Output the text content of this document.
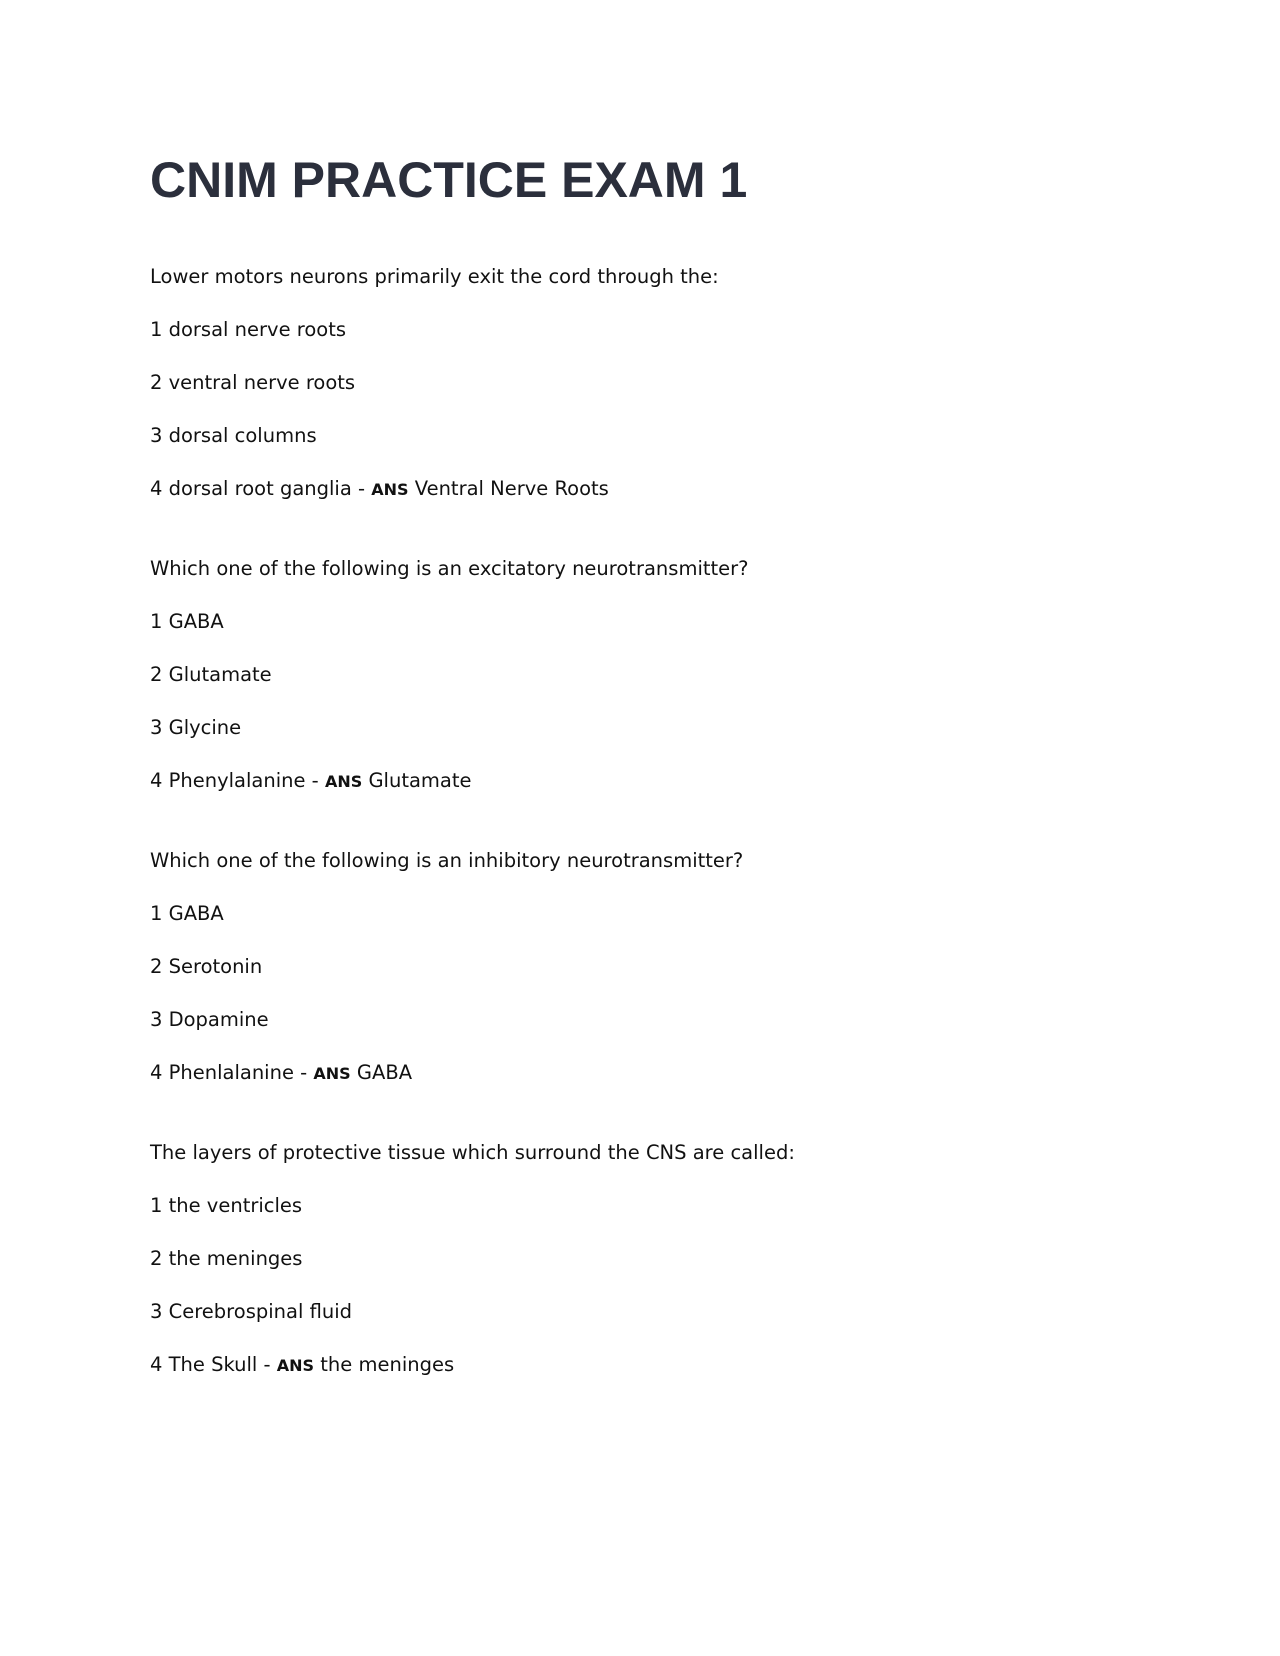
CNIM PRACTICE EXAM 1
Lower motors neurons primarily exit the cord through the:
1 dorsal nerve roots
2 ventral nerve roots
3 dorsal columns
4 dorsal root ganglia - ANS Ventral Nerve Roots
Which one of the following is an excitatory neurotransmitter?
1 GABA
2 Glutamate
3 Glycine
4 Phenylalanine - ANS Glutamate
Which one of the following is an inhibitory neurotransmitter?
1 GABA
2 Serotonin
3 Dopamine
4 Phenlalanine - ANS GABA
The layers of protective tissue which surround the CNS are called:
1 the ventricles
2 the meninges
3 Cerebrospinal fluid
4 The Skull - ANS the meninges
